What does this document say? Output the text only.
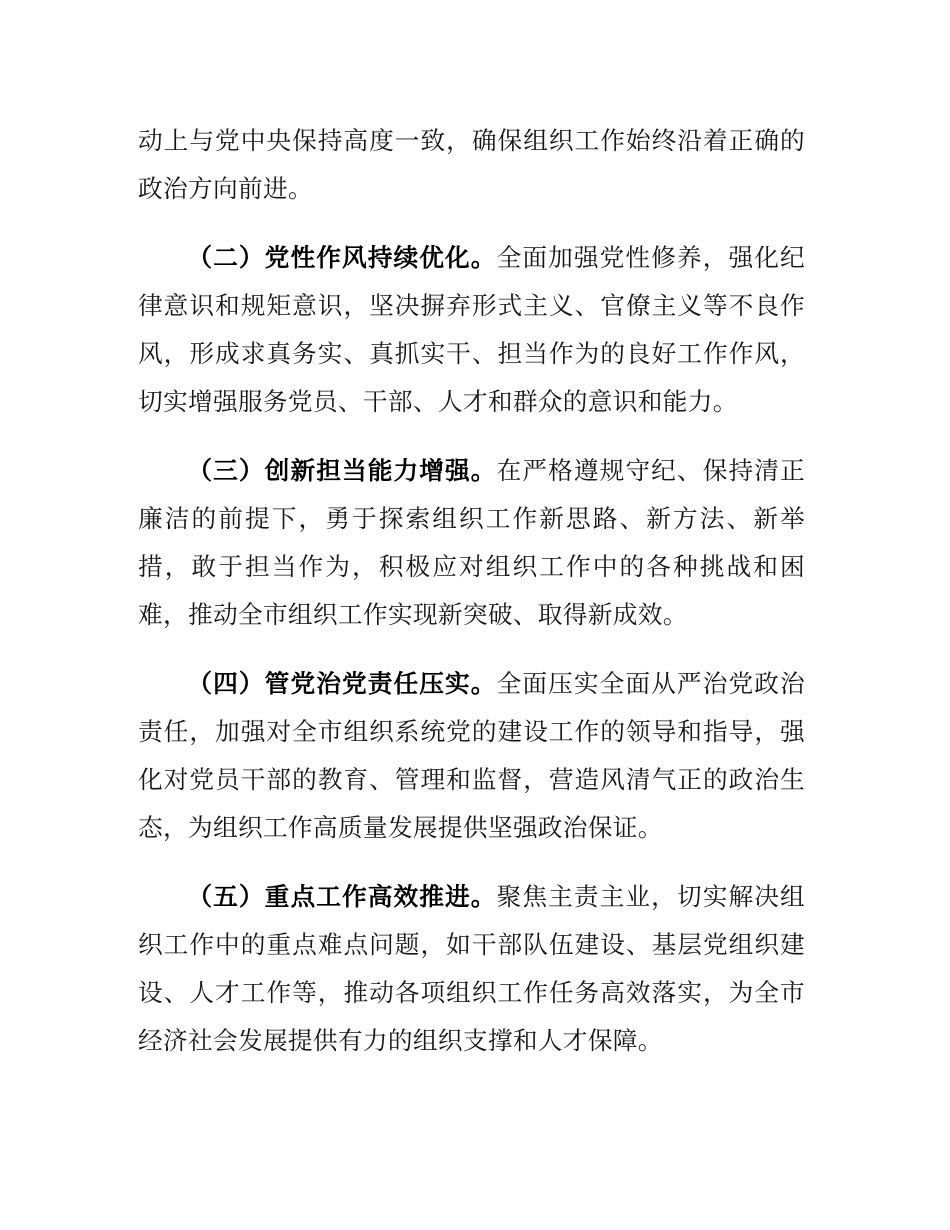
动上与党中央保持高度一致，确保组织工作始终沿着正确的政治方向前进。

（二）党性作风持续优化。全面加强党性修养，强化纪律意识和规矩意识，坚决摒弃形式主义、官僚主义等不良作风，形成求真务实、真抓实干、担当作为的良好工作作风，切实增强服务党员、干部、人才和群众的意识和能力。

（三）创新担当能力增强。在严格遵规守纪、保持清正廉洁的前提下，勇于探索组织工作新思路、新方法、新举措，敢于担当作为，积极应对组织工作中的各种挑战和困难，推动全市组织工作实现新突破、取得新成效。

（四）管党治党责任压实。全面压实全面从严治党政治责任，加强对全市组织系统党的建设工作的领导和指导，强化对党员干部的教育、管理和监督，营造风清气正的政治生态，为组织工作高质量发展提供坚强政治保证。

（五）重点工作高效推进。聚焦主责主业，切实解决组织工作中的重点难点问题，如干部队伍建设、基层党组织建设、人才工作等，推动各项组织工作任务高效落实，为全市经济社会发展提供有力的组织支撑和人才保障。
